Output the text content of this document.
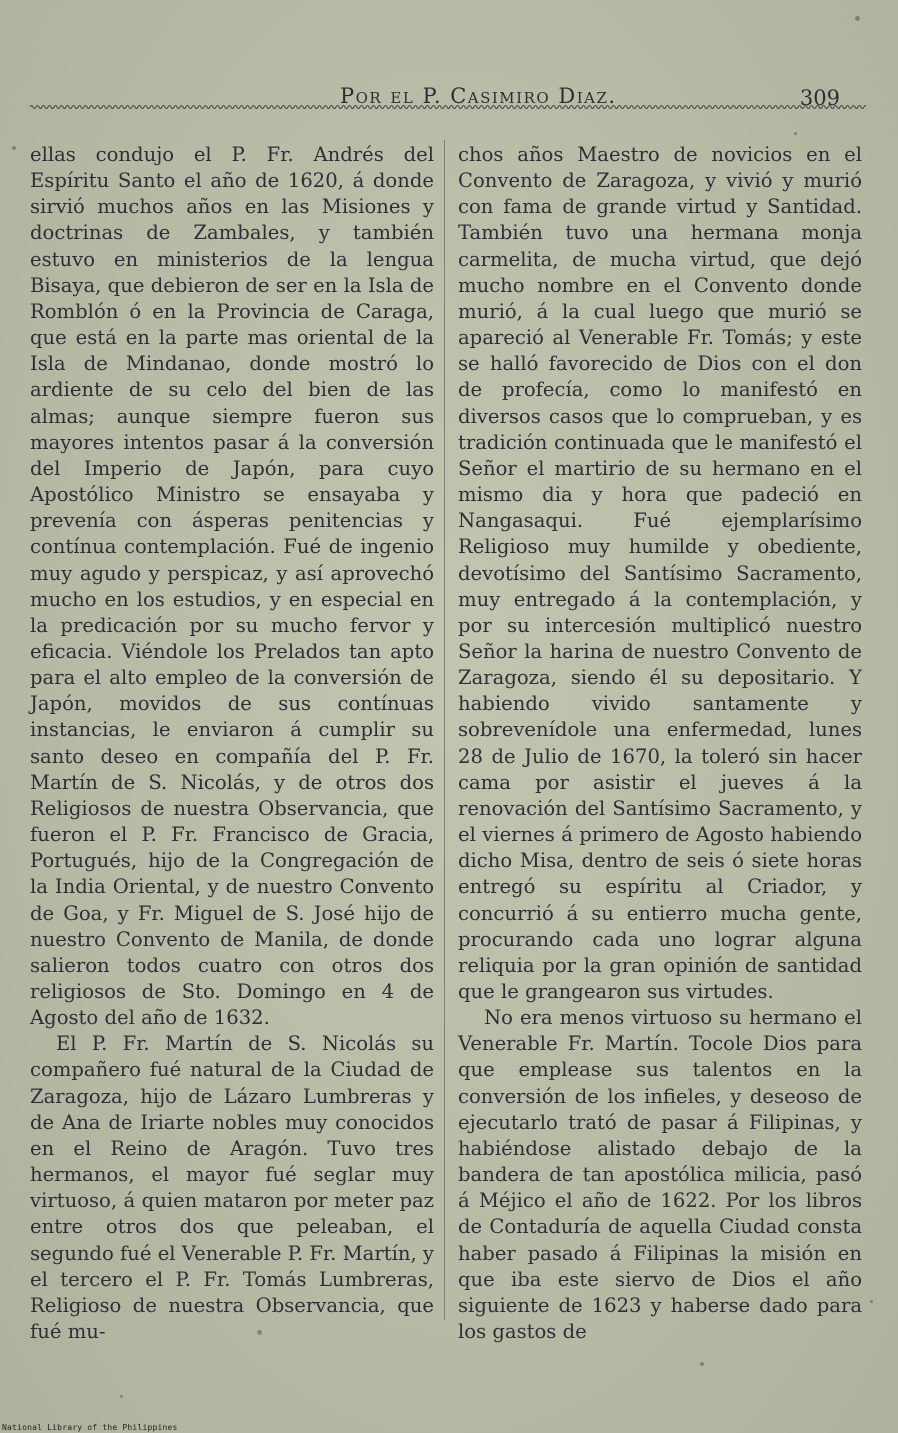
Por el P. Casimiro Diaz.	309

ellas condujo el P. Fr. Andrés del Espíritu Santo el año de 1620, á donde sirvió muchos años en las Misiones y doctrinas de Zambales, y también estuvo en ministerios de la lengua Bisaya, que debieron de ser en la Isla de Romblón ó en la Provincia de Caraga, que está en la parte mas oriental de la Isla de Mindanao, donde mostró lo ardiente de su celo del bien de las almas; aunque siempre fueron sus mayores intentos pasar á la conversión del Imperio de Japón, para cuyo Apostólico Ministro se ensayaba y prevenía con ásperas penitencias y contínua contemplación. Fué de ingenio muy agudo y perspicaz, y así aprovechó mucho en los estudios, y en especial en la predicación por su mucho fervor y eficacia. Viéndole los Prelados tan apto para el alto empleo de la conversión de Japón, movidos de sus contínuas instancias, le enviaron á cumplir su santo deseo en compañía del P. Fr. Martín de S. Nicolás, y de otros dos Religiosos de nuestra Observancia, que fueron el P. Fr. Francisco de Gracia, Portugués, hijo de la Congregación de la India Oriental, y de nuestro Convento de Goa, y Fr. Miguel de S. José hijo de nuestro Convento de Manila, de donde salieron todos cuatro con otros dos religiosos de Sto. Domingo en 4 de Agosto del año de 1632.

El P. Fr. Martín de S. Nicolás su compañero fué natural de la Ciudad de Zaragoza, hijo de Lázaro Lumbreras y de Ana de Iriarte nobles muy conocidos en el Reino de Aragón. Tuvo tres hermanos, el mayor fué seglar muy virtuoso, á quien mataron por meter paz entre otros dos que peleaban, el segundo fué el Venerable P. Fr. Martín, y el tercero el P. Fr. Tomás Lumbreras, Religioso de nuestra Observancia, que fué mu-

chos años Maestro de novicios en el Convento de Zaragoza, y vivió y murió con fama de grande virtud y Santidad. También tuvo una hermana monja carmelita, de mucha virtud, que dejó mucho nombre en el Convento donde murió, á la cual luego que murió se apareció al Venerable Fr. Tomás; y este se halló favorecido de Dios con el don de profecía, como lo manifestó en diversos casos que lo comprueban, y es tradición continuada que le manifestó el Señor el martirio de su hermano en el mismo dia y hora que padeció en Nangasaqui. Fué ejemplarísimo Religioso muy humilde y obediente, devotísimo del Santísimo Sacramento, muy entregado á la contemplación, y por su intercesión multiplicó nuestro Señor la harina de nuestro Convento de Zaragoza, siendo él su depositario. Y habiendo vivido santamente y sobrevenídole una enfermedad, lunes 28 de Julio de 1670, la toleró sin hacer cama por asistir el jueves á la renovación del Santísimo Sacramento, y el viernes á primero de Agosto habiendo dicho Misa, dentro de seis ó siete horas entregó su espíritu al Criador, y concurrió á su entierro mucha gente, procurando cada uno lograr alguna reliquia por la gran opinión de santidad que le grangearon sus virtudes.

No era menos virtuoso su hermano el Venerable Fr. Martín. Tocole Dios para que emplease sus talentos en la conversión de los infieles, y deseoso de ejecutarlo trató de pasar á Filipinas, y habiéndose alistado debajo de la bandera de tan apostólica milicia, pasó á Méjico el año de 1622. Por los libros de Contaduría de aquella Ciudad consta haber pasado á Filipinas la misión en que iba este siervo de Dios el año siguiente de 1623 y haberse dado para los gastos de

National Library of the Philippines
